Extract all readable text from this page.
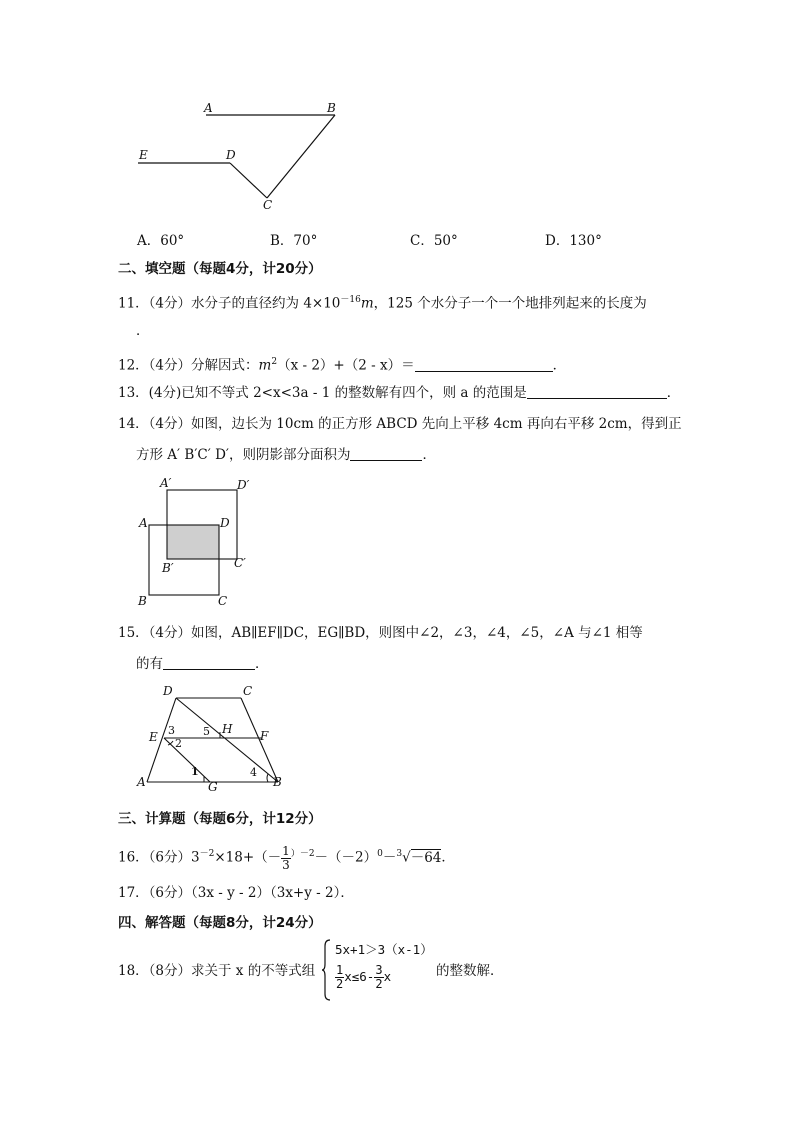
A	B
E	D
C
A．60°	B．70°	C．50°	D．130°
二、填空题（每题4分，计20分）
11．（4分）水分子的直径约为 $4\times 10^{-16}m$，125 个水分子一个一个地排列起来的长度为
．
12．（4分）分解因式：$m^2(x - 2)+(2 - x)=$	．
13．(4分)已知不等式 2<x<3a - 1 的整数解有四个，则 a 的范围是	．
14．（4分）如图，边长为 10cm 的正方形 ABCD 先向上平移 4cm 再向右平移 2cm，得到正
方形 A′ B′C′ D′，则阴影部分面积为	．
A′	D′
A	D
B′	C′
B	C
15．（4分）如图，AB∥EF∥DC，EG∥BD，则图中∠2，∠3，∠4，∠5，∠A 与∠1 相等
的有	．
D	C
3	5 H
E 2
F
1	4
A	G	B
三、计算题（每题6分，计12分）
16．（6分）$3^{-2}\times 18+(- \frac{1}{3} ^{)-2}-(-2)^0-^3√-64$．
17．（6分）（3x - y - 2）（3x+y - 2）．
四、解答题（每题8分，计24分）
18．（8分）求关于 x 的不等式组
5x+1＞3（x-1）
$\frac{1}{2} x\le 6- \frac{3}{2}$ x	的整数解．
